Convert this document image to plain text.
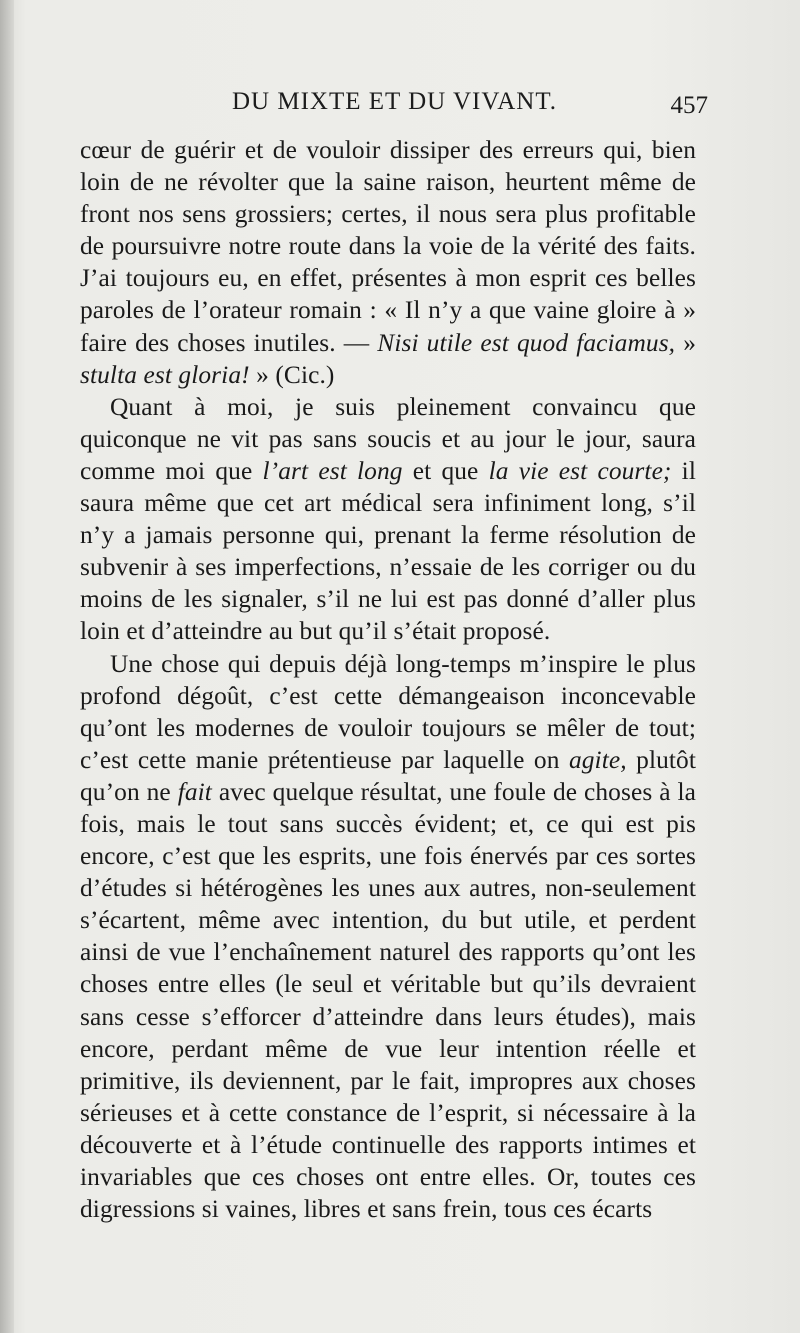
DU MIXTE ET DU VIVANT.	457

cœur de guérir et de vouloir dissiper des erreurs qui, bien loin de ne révolter que la saine raison, heurtent même de front nos sens grossiers; certes, il nous sera plus profitable de poursuivre notre route dans la voie de la vérité des faits. J’ai toujours eu, en effet, présentes à mon esprit ces belles paroles de l’orateur romain : « Il n’y a que vaine gloire à » faire des choses inutiles. — Nisi utile est quod faciamus, » stulta est gloria! » (Cic.)

Quant à moi, je suis pleinement convaincu que quiconque ne vit pas sans soucis et au jour le jour, saura comme moi que l’art est long et que la vie est courte; il saura même que cet art médical sera infiniment long, s’il n’y a jamais personne qui, prenant la ferme résolution de subvenir à ses imperfections, n’essaie de les corriger ou du moins de les signaler, s’il ne lui est pas donné d’aller plus loin et d’atteindre au but qu’il s’était proposé.

Une chose qui depuis déjà long-temps m’inspire le plus profond dégoût, c’est cette démangeaison inconcevable qu’ont les modernes de vouloir toujours se mêler de tout; c’est cette manie prétentieuse par laquelle on agite, plutôt qu’on ne fait avec quelque résultat, une foule de choses à la fois, mais le tout sans succès évident; et, ce qui est pis encore, c’est que les esprits, une fois énervés par ces sortes d’études si hétérogènes les unes aux autres, non-seulement s’écartent, même avec intention, du but utile, et perdent ainsi de vue l’enchaînement naturel des rapports qu’ont les choses entre elles (le seul et véritable but qu’ils devraient sans cesse s’efforcer d’atteindre dans leurs études), mais encore, perdant même de vue leur intention réelle et primitive, ils deviennent, par le fait, impropres aux choses sérieuses et à cette constance de l’esprit, si nécessaire à la découverte et à l’étude continuelle des rapports intimes et invariables que ces choses ont entre elles. Or, toutes ces digressions si vaines, libres et sans frein, tous ces écarts
